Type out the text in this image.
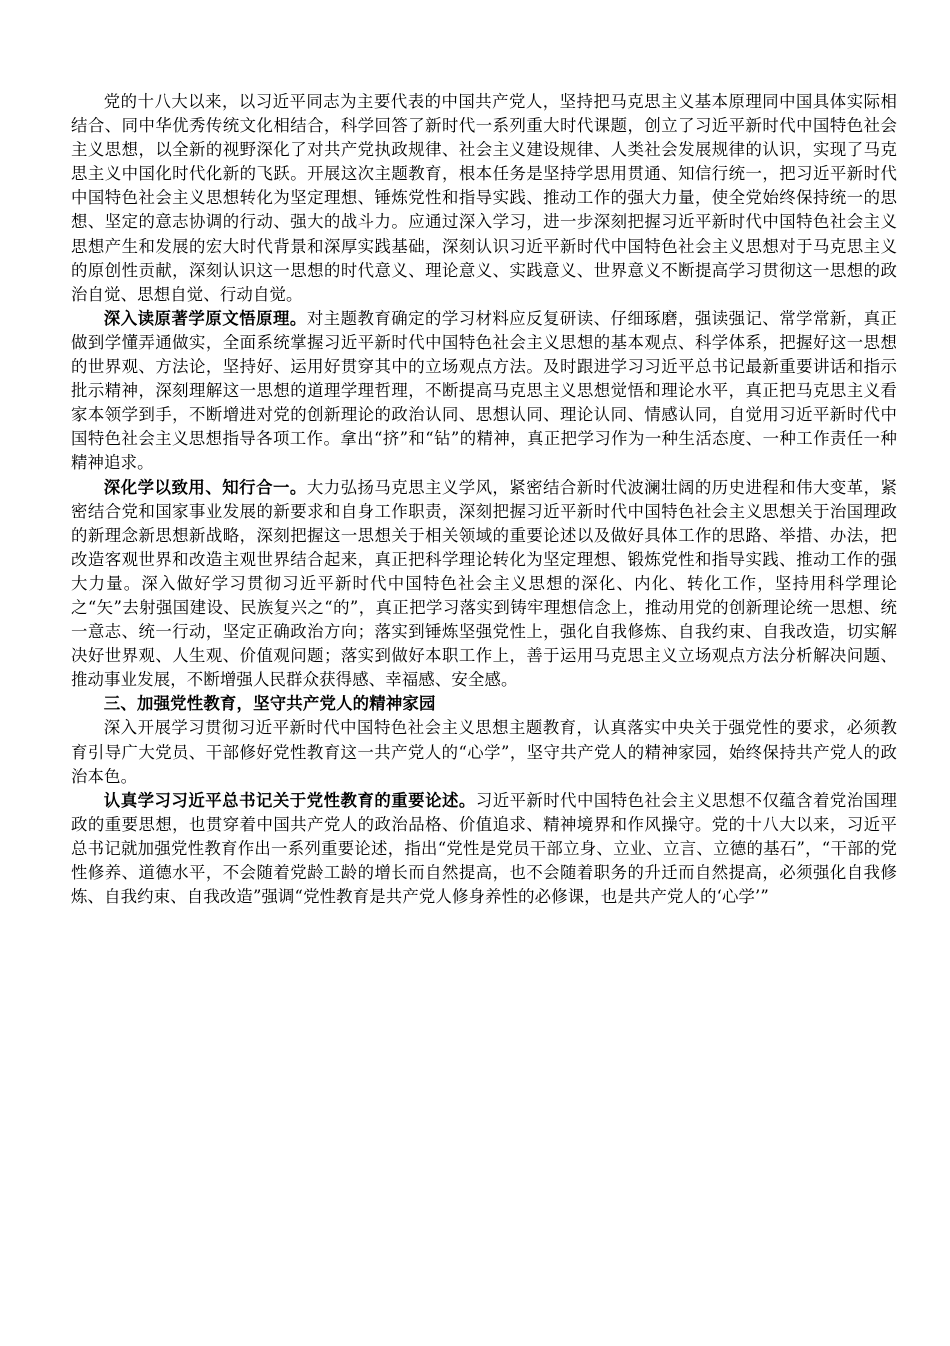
党的十八大以来，以习近平同志为主要代表的中国共产党人，坚持把马克思主义基本原理同中国具体实际相结合、同中华优秀传统文化相结合，科学回答了新时代一系列重大时代课题，创立了习近平新时代中国特色社会主义思想，以全新的视野深化了对共产党执政规律、社会主义建设规律、人类社会发展规律的认识，实现了马克思主义中国化时代化新的飞跃。开展这次主题教育，根本任务是坚持学思用贯通、知信行统一，把习近平新时代中国特色社会主义思想转化为坚定理想、锤炼党性和指导实践、推动工作的强大力量，使全党始终保持统一的思想、坚定的意志协调的行动、强大的战斗力。应通过深入学习，进一步深刻把握习近平新时代中国特色社会主义思想产生和发展的宏大时代背景和深厚实践基础，深刻认识习近平新时代中国特色社会主义思想对于马克思主义的原创性贡献，深刻认识这一思想的时代意义、理论意义、实践意义、世界意义不断提高学习贯彻这一思想的政治自觉、思想自觉、行动自觉。

深入读原著学原文悟原理。对主题教育确定的学习材料应反复研读、仔细琢磨，强读强记、常学常新，真正做到学懂弄通做实，全面系统掌握习近平新时代中国特色社会主义思想的基本观点、科学体系，把握好这一思想的世界观、方法论，坚持好、运用好贯穿其中的立场观点方法。及时跟进学习习近平总书记最新重要讲话和指示批示精神，深刻理解这一思想的道理学理哲理，不断提高马克思主义思想觉悟和理论水平，真正把马克思主义看家本领学到手，不断增进对党的创新理论的政治认同、思想认同、理论认同、情感认同，自觉用习近平新时代中国特色社会主义思想指导各项工作。拿出“挤”和“钻”的精神，真正把学习作为一种生活态度、一种工作责任一种精神追求。

深化学以致用、知行合一。大力弘扬马克思主义学风，紧密结合新时代波澜壮阔的历史进程和伟大变革，紧密结合党和国家事业发展的新要求和自身工作职责，深刻把握习近平新时代中国特色社会主义思想关于治国理政的新理念新思想新战略，深刻把握这一思想关于相关领域的重要论述以及做好具体工作的思路、举措、办法，把改造客观世界和改造主观世界结合起来，真正把科学理论转化为坚定理想、锻炼党性和指导实践、推动工作的强大力量。深入做好学习贯彻习近平新时代中国特色社会主义思想的深化、内化、转化工作，坚持用科学理论之“矢”去射强国建设、民族复兴之“的”，真正把学习落实到铸牢理想信念上，推动用党的创新理论统一思想、统一意志、统一行动，坚定正确政治方向；落实到锤炼坚强党性上，强化自我修炼、自我约束、自我改造，切实解决好世界观、人生观、价值观问题；落实到做好本职工作上，善于运用马克思主义立场观点方法分析解决问题、推动事业发展，不断增强人民群众获得感、幸福感、安全感。

三、加强党性教育，坚守共产党人的精神家园

深入开展学习贯彻习近平新时代中国特色社会主义思想主题教育，认真落实中央关于强党性的要求，必须教育引导广大党员、干部修好党性教育这一共产党人的“心学”，坚守共产党人的精神家园，始终保持共产党人的政治本色。

认真学习习近平总书记关于党性教育的重要论述。习近平新时代中国特色社会主义思想不仅蕴含着党治国理政的重要思想，也贯穿着中国共产党人的政治品格、价值追求、精神境界和作风操守。党的十八大以来，习近平总书记就加强党性教育作出一系列重要论述，指出“党性是党员干部立身、立业、立言、立德的基石”，“干部的党性修养、道德水平，不会随着党龄工龄的增长而自然提高，也不会随着职务的升迁而自然提高，必须强化自我修炼、自我约束、自我改造”强调“党性教育是共产党人修身养性的必修课，也是共产党人的‘心学’”
